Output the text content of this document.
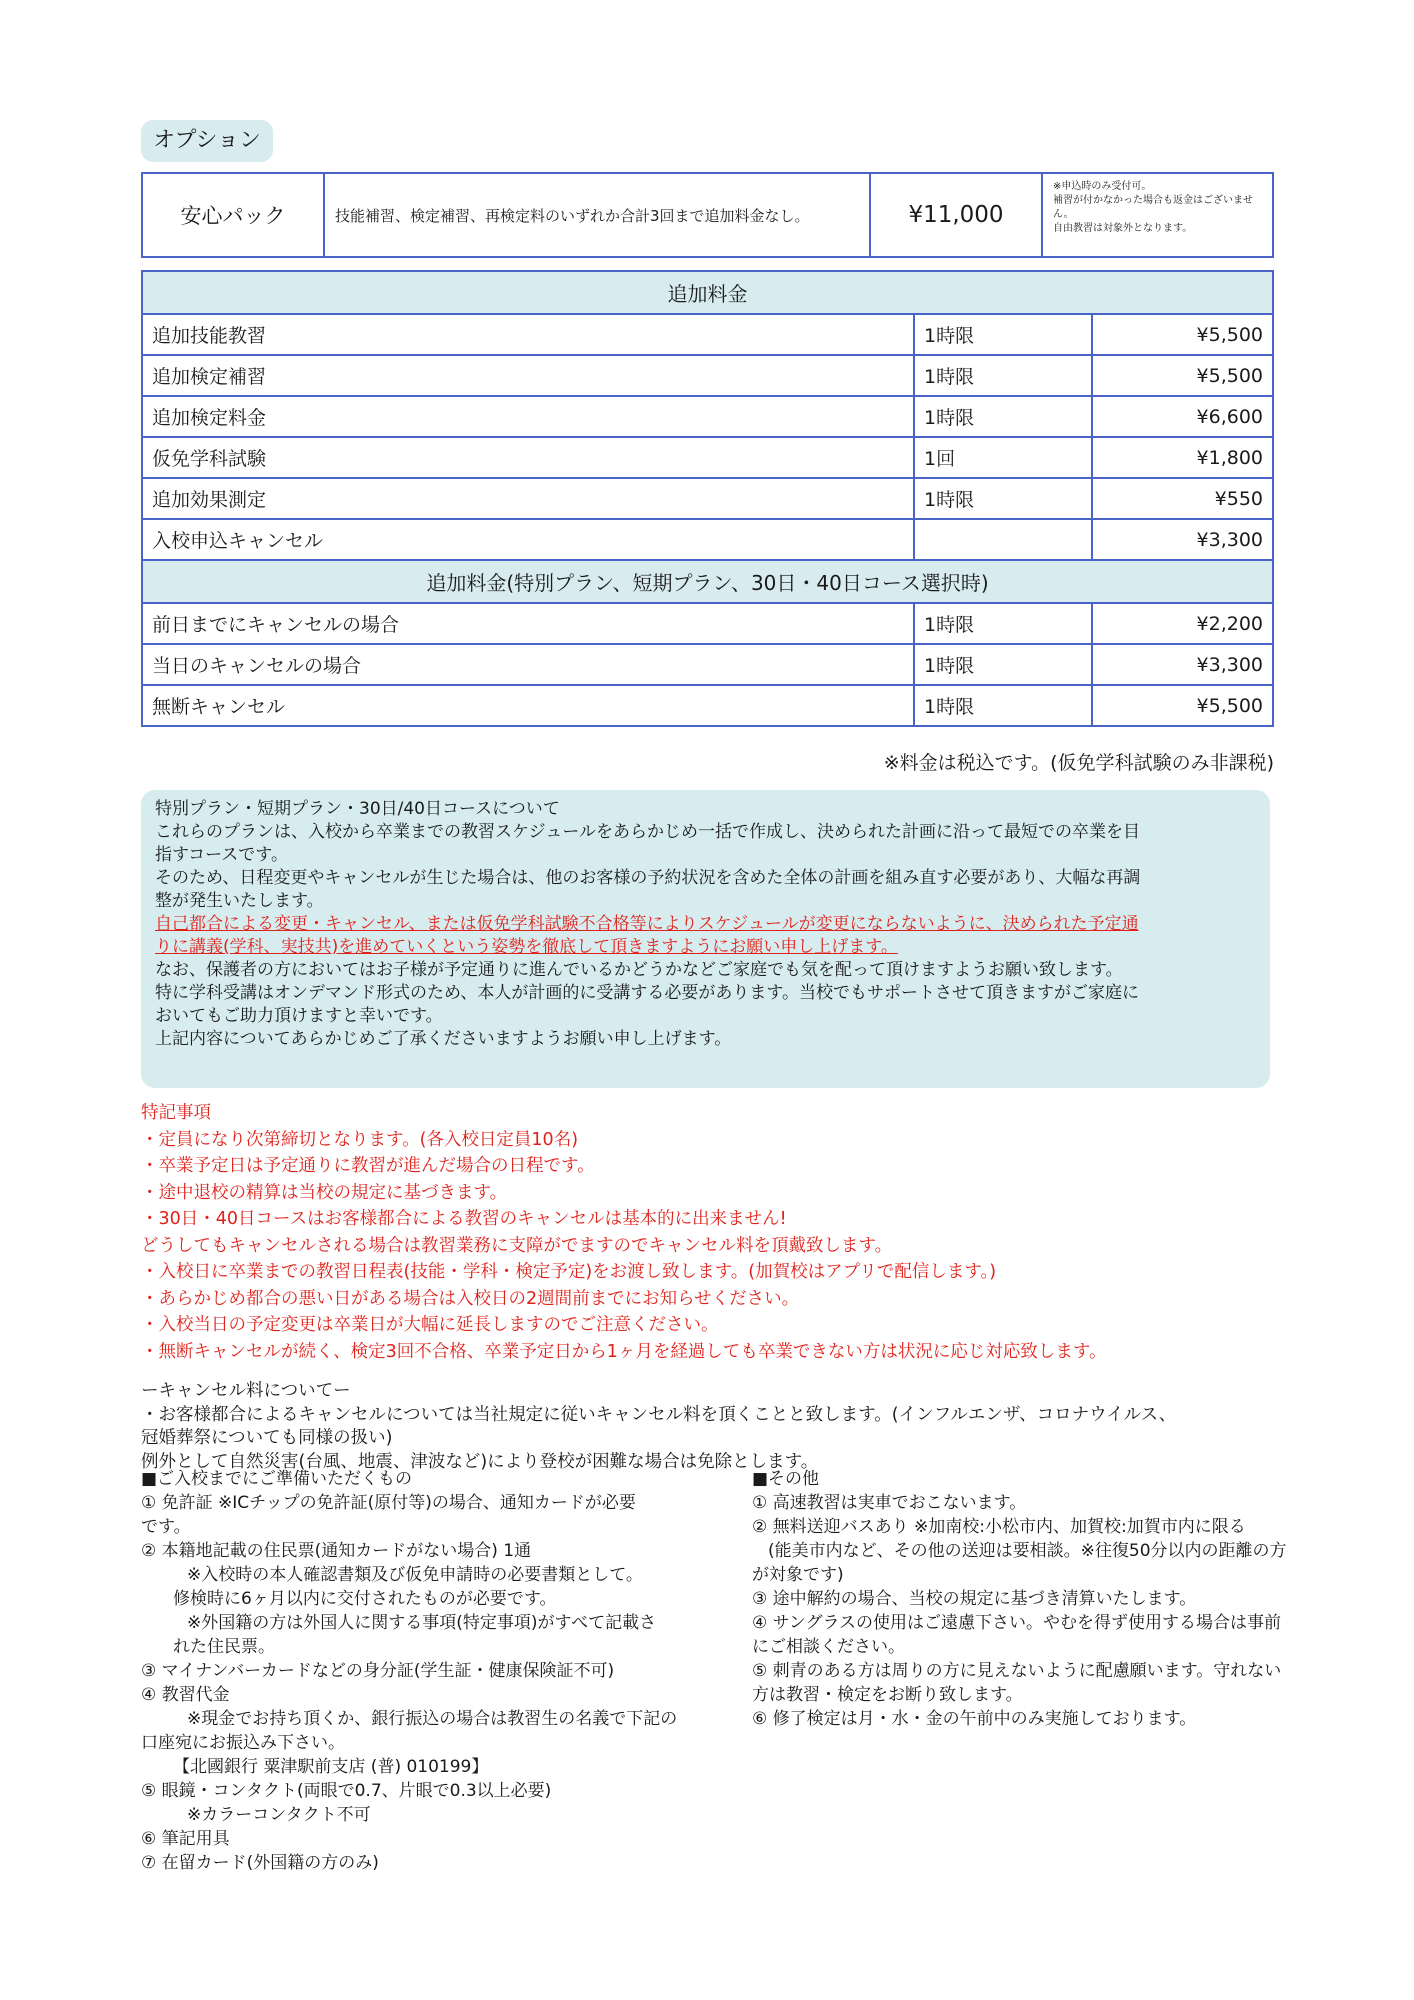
オプション
安心パック	技能補習、検定補習、再検定料のいずれか合計3回まで追加料金なし。	¥11,000	
※申込時のみ受付可。
補習が付かなかった場合も返金はございません。
自由教習は対象外となります。
追加料金		
追加技能教習	1時限	¥5,500
追加検定補習	1時限	¥5,500
追加検定料金	1時限	¥6,600
仮免学科試験	1回	¥1,800
追加効果測定	1時限	¥550
入校申込キャンセル		¥3,300
追加料金(特別プラン、短期プラン、30日・40日コース選択時)		
前日までにキャンセルの場合	1時限	¥2,200
当日のキャンセルの場合	1時限	¥3,300
無断キャンセル	1時限	¥5,500
※料金は税込です。(仮免学科試験のみ非課税)

特別プラン・短期プラン・30日/40日コースについて

これらのプランは、入校から卒業までの教習スケジュールをあらかじめ一括で作成し、決められた計画に沿って最短での卒業を目

指すコースです。

そのため、日程変更やキャンセルが生じた場合は、他のお客様の予約状況を含めた全体の計画を組み直す必要があり、大幅な再調

整が発生いたします。

自己都合による変更・キャンセル、または仮免学科試験不合格等によりスケジュールが変更にならないように、決められた予定通

りに講義(学科、実技共)を進めていくという姿勢を徹底して頂きますようにお願い申し上げます。

なお、保護者の方においてはお子様が予定通りに進んでいるかどうかなどご家庭でも気を配って頂けますようお願い致します。

特に学科受講はオンデマンド形式のため、本人が計画的に受講する必要があります。当校でもサポートさせて頂きますがご家庭に

おいてもご助力頂けますと幸いです。

上記内容についてあらかじめご了承くださいますようお願い申し上げます。

特記事項

・定員になり次第締切となります。(各入校日定員10名)

・卒業予定日は予定通りに教習が進んだ場合の日程です。

・途中退校の精算は当校の規定に基づきます。

・30日・40日コースはお客様都合による教習のキャンセルは基本的に出来ません!

どうしてもキャンセルされる場合は教習業務に支障がでますのでキャンセル料を頂戴致します。

・入校日に卒業までの教習日程表(技能・学科・検定予定)をお渡し致します。(加賀校はアプリで配信します。)

・あらかじめ都合の悪い日がある場合は入校日の2週間前までにお知らせください。

・入校当日の予定変更は卒業日が大幅に延長しますのでご注意ください。

・無断キャンセルが続く、検定3回不合格、卒業予定日から1ヶ月を経過しても卒業できない方は状況に応じ対応致します。

ーキャンセル料についてー

・お客様都合によるキャンセルについては当社規定に従いキャンセル料を頂くことと致します。(インフルエンザ、コロナウイルス、

冠婚葬祭についても同様の扱い)

例外として自然災害(台風、地震、津波など)により登校が困難な場合は免除とします。

■ご入校までにご準備いただくもの

① 免許証 ※ICチップの免許証(原付等)の場合、通知カードが必要

です。

② 本籍地記載の住民票(通知カードがない場合) 1通

※入校時の本人確認書類及び仮免申請時の必要書類として。

修検時に6ヶ月以内に交付されたものが必要です。

※外国籍の方は外国人に関する事項(特定事項)がすべて記載さ

れた住民票。

③ マイナンバーカードなどの身分証(学生証・健康保険証不可)

④ 教習代金

※現金でお持ち頂くか、銀行振込の場合は教習生の名義で下記の

口座宛にお振込み下さい。

【北國銀行 粟津駅前支店 (普) 010199】

⑤ 眼鏡・コンタクト(両眼で0.7、片眼で0.3以上必要)

※カラーコンタクト不可

⑥ 筆記用具

⑦ 在留カード(外国籍の方のみ)

■その他

① 高速教習は実車でおこないます。

② 無料送迎バスあり ※加南校:小松市内、加賀校:加賀市内に限る

(能美市内など、その他の送迎は要相談。※往復50分以内の距離の方

が対象です)

③ 途中解約の場合、当校の規定に基づき清算いたします。

④ サングラスの使用はご遠慮下さい。やむを得ず使用する場合は事前

にご相談ください。

⑤ 刺青のある方は周りの方に見えないように配慮願います。守れない

方は教習・検定をお断り致します。

⑥ 修了検定は月・水・金の午前中のみ実施しております。
